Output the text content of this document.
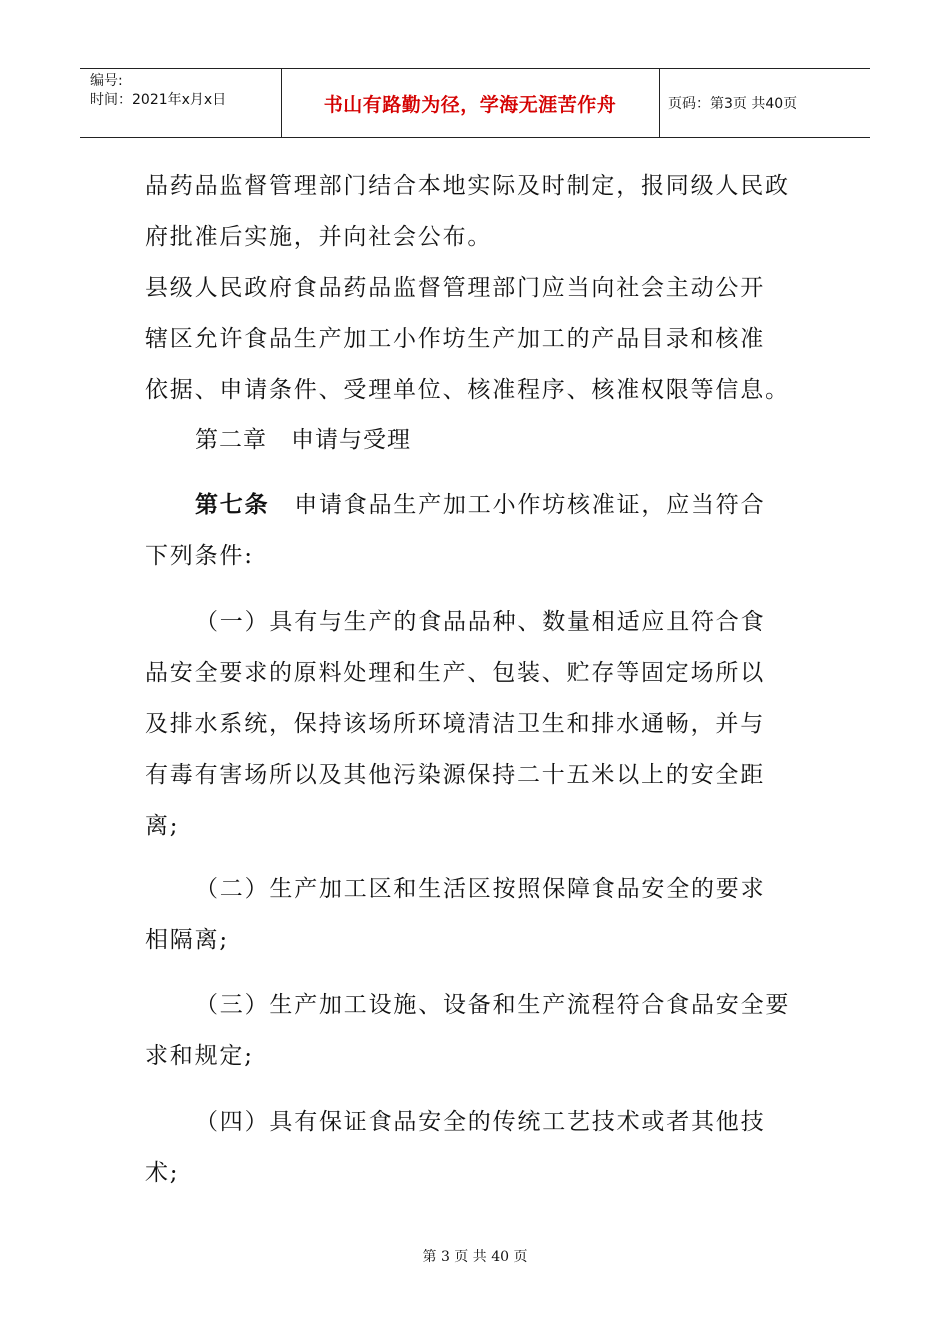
编号:
时间：2021年x月x日	书山有路勤为径，学海无涯苦作舟	页码：第3页 共40页
品药品监督管理部门结合本地实际及时制定，报同级人民政
府批准后实施，并向社会公布。
县级人民政府食品药品监督管理部门应当向社会主动公开
辖区允许食品生产加工小作坊生产加工的产品目录和核准
依据、申请条件、受理单位、核准程序、核准权限等信息。
第二章　申请与受理
第七条　申请食品生产加工小作坊核准证，应当符合
下列条件:
（一）具有与生产的食品品种、数量相适应且符合食
品安全要求的原料处理和生产、包装、贮存等固定场所以
及排水系统，保持该场所环境清洁卫生和排水通畅，并与
有毒有害场所以及其他污染源保持二十五米以上的安全距
离;
（二）生产加工区和生活区按照保障食品安全的要求
相隔离;
（三）生产加工设施、设备和生产流程符合食品安全要
求和规定;
（四）具有保证食品安全的传统工艺技术或者其他技
术;
第 3 页 共 40 页
